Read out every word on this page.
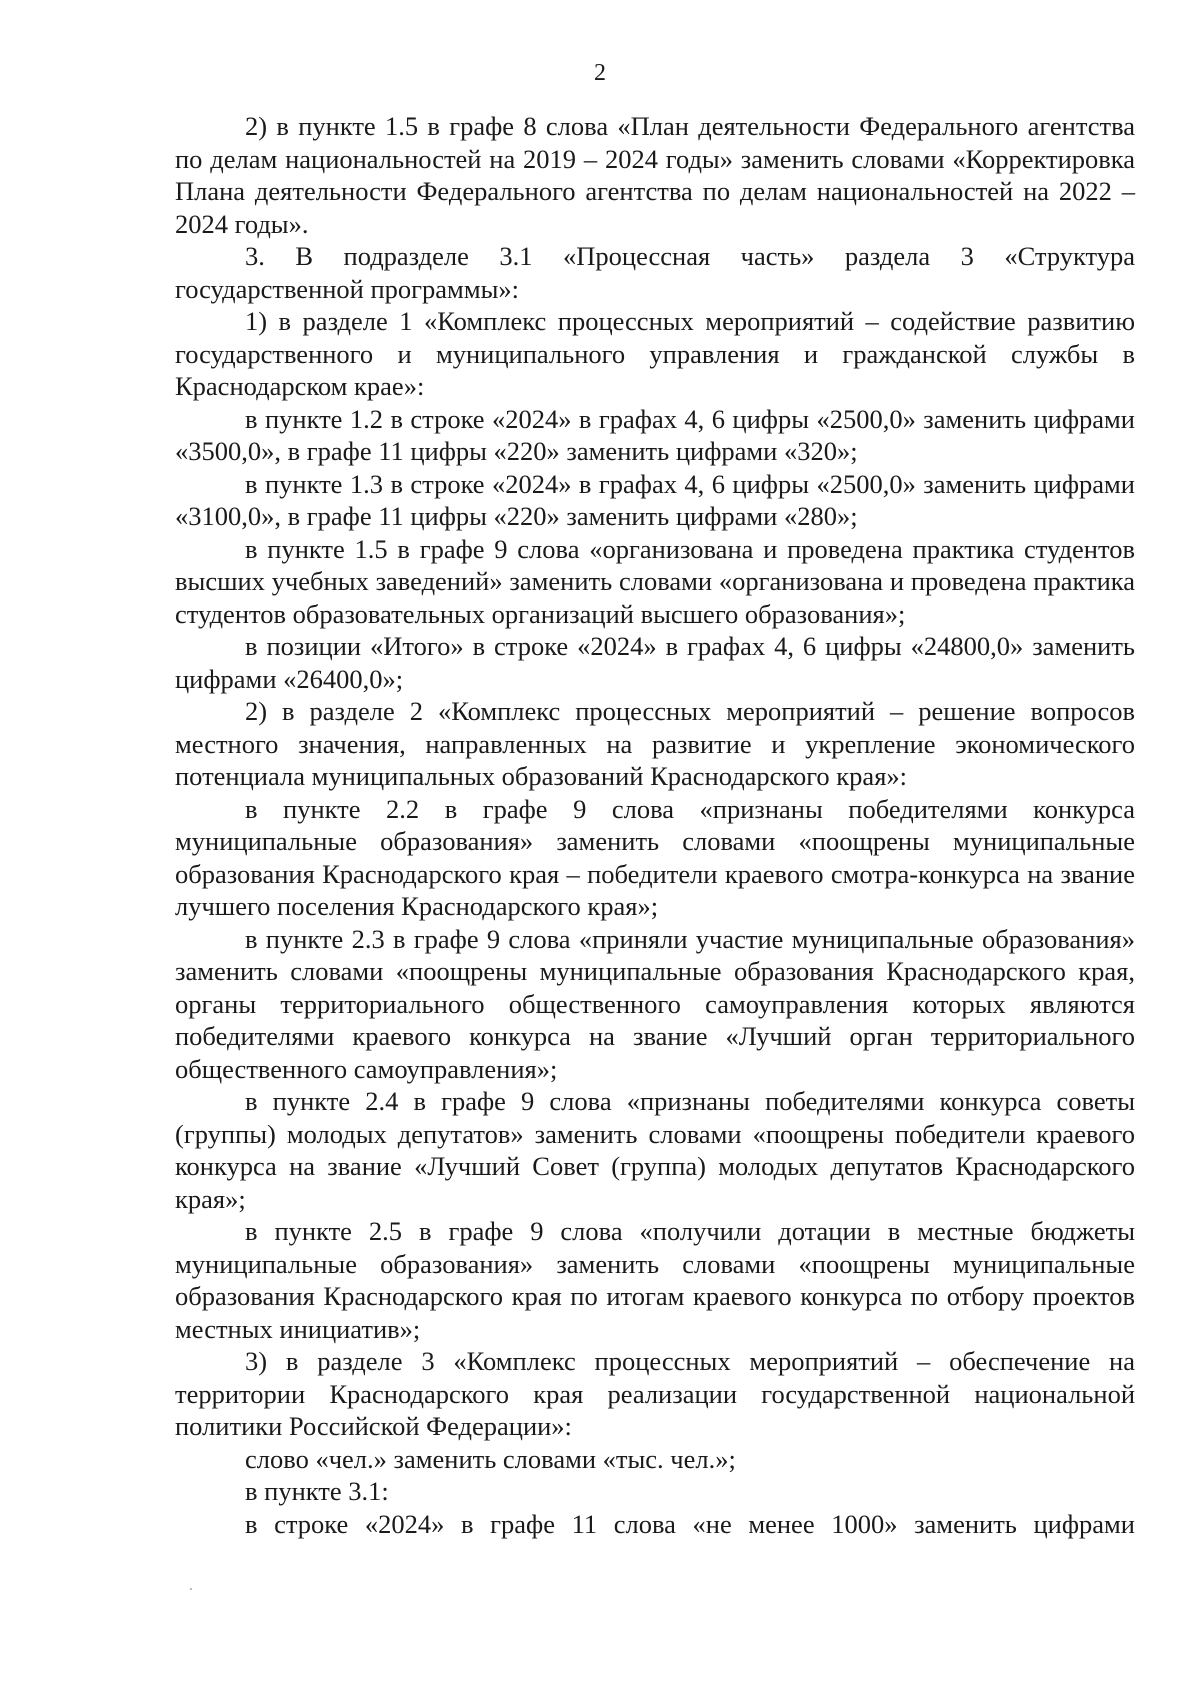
2

2) в пункте 1.5 в графе 8 слова «План деятельности Федерального агентства по делам национальностей на 2019 – 2024 годы» заменить словами «Корректировка Плана деятельности Федерального агентства по делам национальностей на 2022 – 2024 годы».

3. В подразделе 3.1 «Процессная часть» раздела 3 «Структура государственной программы»:

1) в разделе 1 «Комплекс процессных мероприятий – содействие развитию государственного и муниципального управления и гражданской службы в Краснодарском крае»:

в пункте 1.2 в строке «2024» в графах 4, 6 цифры «2500,0» заменить цифрами «3500,0», в графе 11 цифры «220» заменить цифрами «320»;

в пункте 1.3 в строке «2024» в графах 4, 6 цифры «2500,0» заменить цифрами «3100,0», в графе 11 цифры «220» заменить цифрами «280»;

в пункте 1.5 в графе 9 слова «организована и проведена практика студентов высших учебных заведений» заменить словами «организована и проведена практика студентов образовательных организаций высшего образования»;

в позиции «Итого» в строке «2024» в графах 4, 6 цифры «24800,0» заменить цифрами «26400,0»;

2) в разделе 2 «Комплекс процессных мероприятий – решение вопросов местного значения, направленных на развитие и укрепление экономического потенциала муниципальных образований Краснодарского края»:

в пункте 2.2 в графе 9 слова «признаны победителями конкурса муниципальные образования» заменить словами «поощрены муниципальные образования Краснодарского края – победители краевого смотра-конкурса на звание лучшего поселения Краснодарского края»;

в пункте 2.3 в графе 9 слова «приняли участие муниципальные образования» заменить словами «поощрены муниципальные образования Краснодарского края, органы территориального общественного самоуправления которых являются победителями краевого конкурса на звание «Лучший орган территориального общественного самоуправления»;

в пункте 2.4 в графе 9 слова «признаны победителями конкурса советы (группы) молодых депутатов» заменить словами «поощрены победители краевого конкурса на звание «Лучший Совет (группа) молодых депутатов Краснодарского края»;

в пункте 2.5 в графе 9 слова «получили дотации в местные бюджеты муниципальные образования» заменить словами «поощрены муниципальные образования Краснодарского края по итогам краевого конкурса по отбору проектов местных инициатив»;

3) в разделе 3 «Комплекс процессных мероприятий – обеспечение на территории Краснодарского края реализации государственной национальной политики Российской Федерации»:

слово «чел.» заменить словами «тыс. чел.»;

в пункте 3.1:

в строке «2024» в графе 11 слова «не менее 1000» заменить цифрами
